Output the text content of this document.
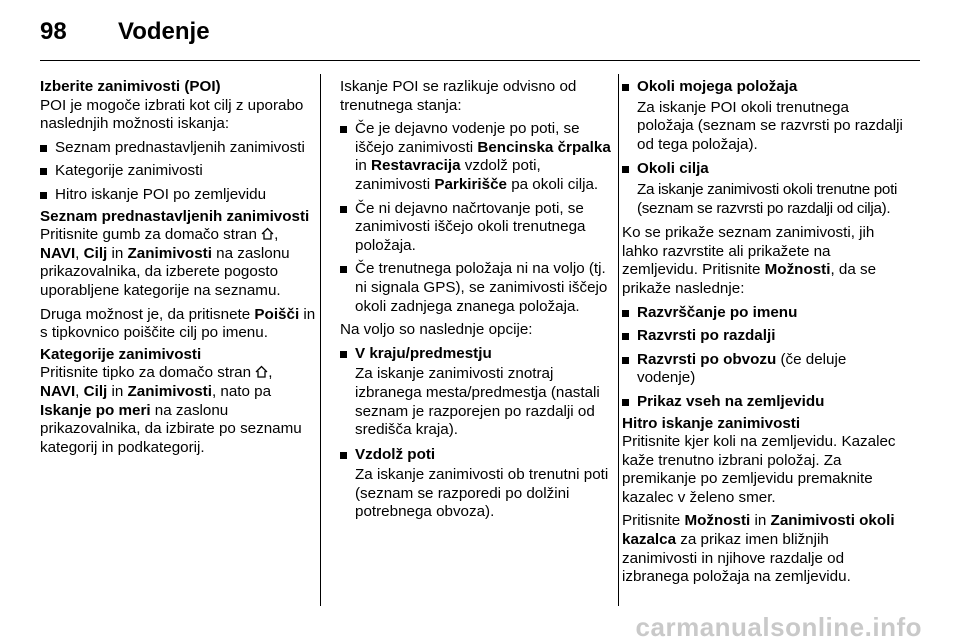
98 Vodenje
Izberite zanimivosti (POI)

POI je mogoče izbrati kot cilj z uporabo naslednjih možnosti iskanja:

Seznam prednastavljenih zanimivosti
Kategorije zanimivosti
Hitro iskanje POI po zemljevidu
Seznam prednastavljenih zanimivosti

Pritisnite gumb za domačo stran , NAVI, Cilj in Zanimivosti na zaslonu prikazovalnika, da izberete pogosto uporabljene kategorije na seznamu.

Druga možnost je, da pritisnete Poišči in s tipkovnico poiščite cilj po imenu.

Kategorije zanimivosti

Pritisnite tipko za domačo stran , NAVI, Cilj in Zanimivosti, nato pa Iskanje po meri na zaslonu prikazovalnika, da izbirate po seznamu kategorij in podkategorij.

Iskanje POI se razlikuje odvisno od trenutnega stanja:

Če je dejavno vodenje po poti, se iščejo zanimivosti Bencinska črpalka in Restavracija vzdolž poti, zanimivosti Parkirišče pa okoli cilja.
Če ni dejavno načrtovanje poti, se zanimivosti iščejo okoli trenutnega položaja.
Če trenutnega položaja ni na voljo (tj. ni signala GPS), se zanimivosti iščejo okoli zadnjega znanega položaja.

Na voljo so naslednje opcije:

V kraju/predmestju
Za iskanje zanimivosti znotraj izbranega mesta/predmestja (nastali seznam je razporejen po razdalji od središča kraja).
Vzdolž poti
Za iskanje zanimivosti ob trenutni poti (seznam se razporedi po dolžini potrebnega obvoza).
Okoli mojega položaja
Za iskanje POI okoli trenutnega položaja (seznam se razvrsti po razdalji od tega položaja).
Okoli cilja
Za iskanje zanimivosti okoli trenutne poti (seznam se razvrsti po razdalji od cilja).

Ko se prikaže seznam zanimivosti, jih lahko razvrstite ali prikažete na zemljevidu. Pritisnite Možnosti, da se prikaže naslednje:

Razvrščanje po imenu
Razvrsti po razdalji
Razvrsti po obvozu (če deluje vodenje)
Prikaz vseh na zemljevidu
Hitro iskanje zanimivosti

Pritisnite kjer koli na zemljevidu. Kazalec kaže trenutno izbrani položaj. Za premikanje po zemljevidu premaknite kazalec v želeno smer.

Pritisnite Možnosti in Zanimivosti okoli kazalca za prikaz imen bližnjih zanimivosti in njihove razdalje od izbranega položaja na zemljevidu.

carmanualsonline.info
